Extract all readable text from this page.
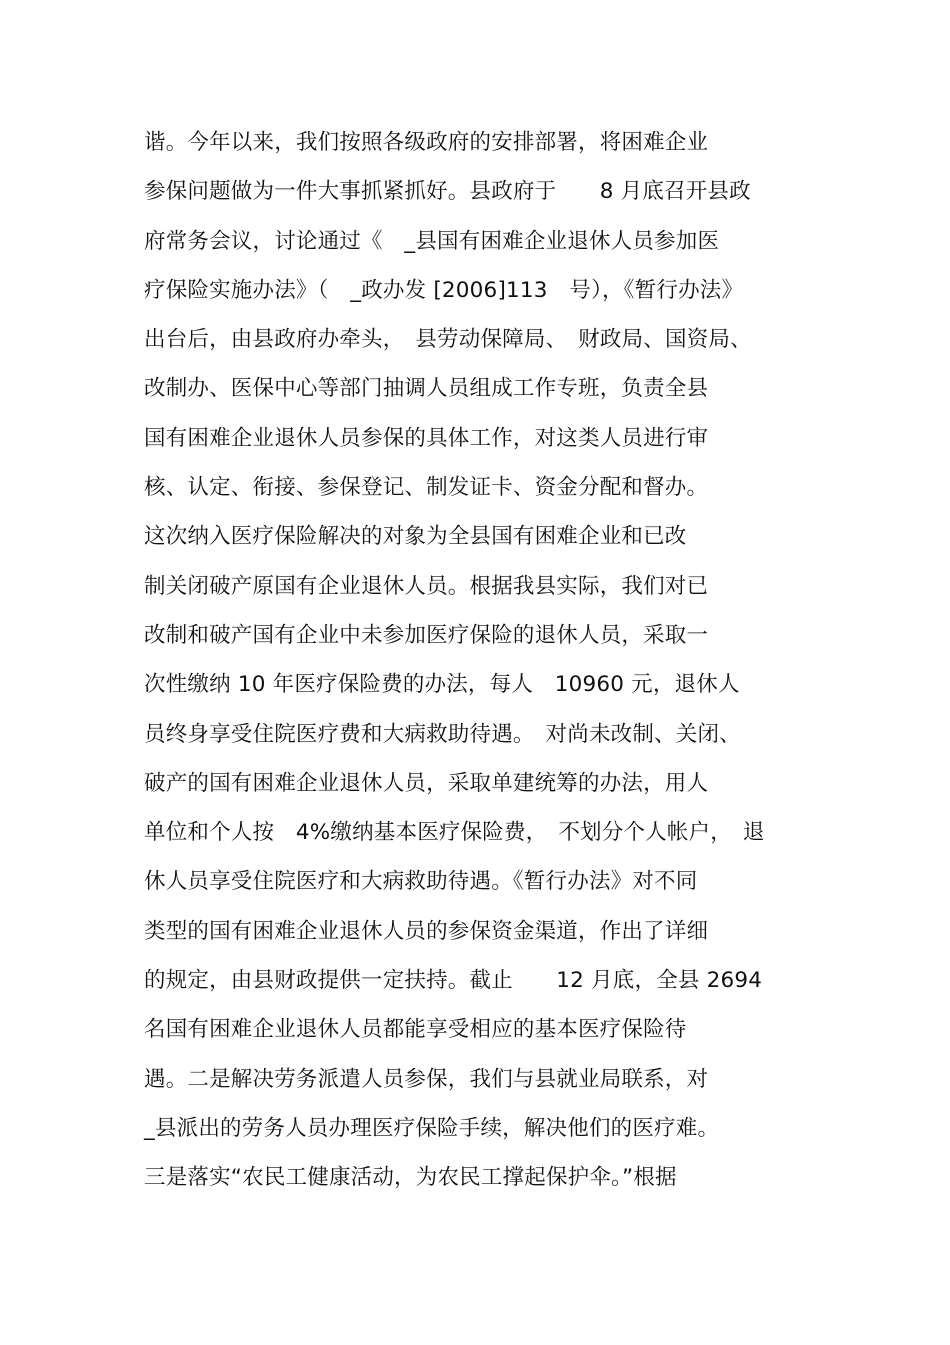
谐。今年以来，我们按照各级政府的安排部署，将困难企业
参保问题做为一件大事抓紧抓好。县政府于　　8 月底召开县政
府常务会议，讨论通过《　_县国有困难企业退休人员参加医
疗保险实施办法》（　_政办发 [2006]113　号），《暂行办法》
出台后，由县政府办牵头，　县劳动保障局、　财政局、国资局、
改制办、医保中心等部门抽调人员组成工作专班，负责全县
国有困难企业退休人员参保的具体工作，对这类人员进行审
核、认定、衔接、参保登记、制发证卡、资金分配和督办。
这次纳入医疗保险解决的对象为全县国有困难企业和已改
制关闭破产原国有企业退休人员。根据我县实际，我们对已
改制和破产国有企业中未参加医疗保险的退休人员，采取一
次性缴纳 10 年医疗保险费的办法，每人　10960 元，退休人
员终身享受住院医疗费和大病救助待遇。　对尚未改制、关闭、
破产的国有困难企业退休人员，采取单建统筹的办法，用人
单位和个人按　4%缴纳基本医疗保险费，　不划分个人帐户，　退
休人员享受住院医疗和大病救助待遇。《暂行办法》对不同
类型的国有困难企业退休人员的参保资金渠道，作出了详细
的规定，由县财政提供一定扶持。截止　　12 月底，全县 2694
名国有困难企业退休人员都能享受相应的基本医疗保险待
遇。二是解决劳务派遣人员参保，我们与县就业局联系，对
_县派出的劳务人员办理医疗保险手续，解决他们的医疗难。
三是落实“农民工健康活动，为农民工撑起保护伞。”根据
